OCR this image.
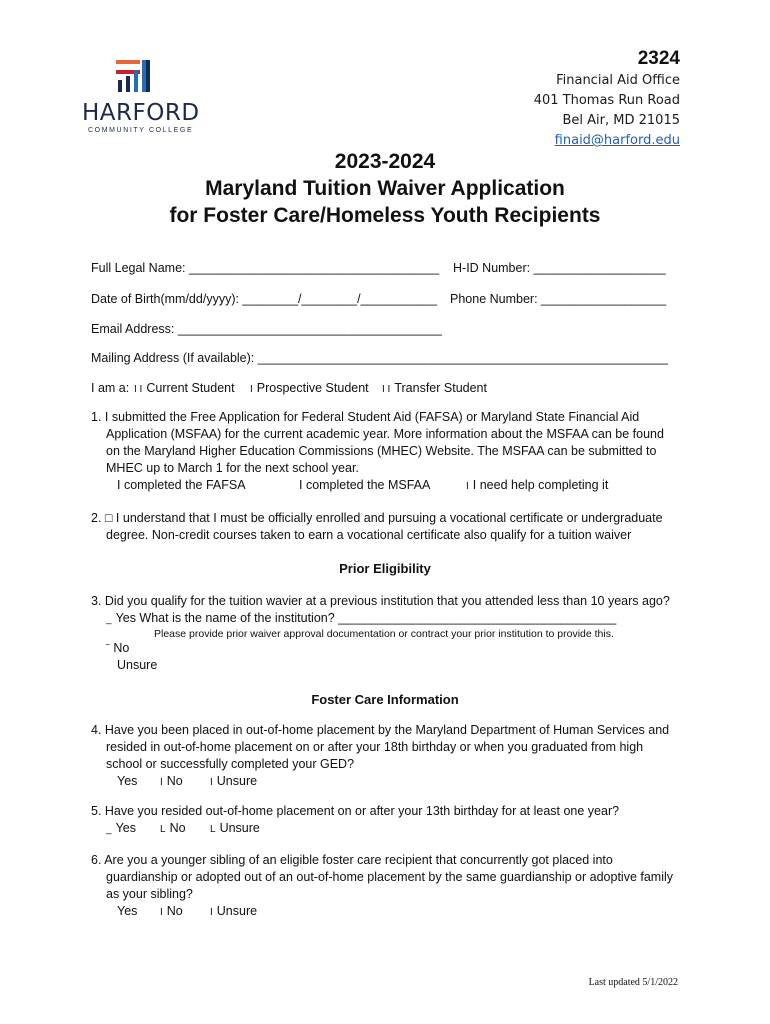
HARFORD
COMMUNITY COLLEGE
2324
Financial Aid Office
401 Thomas Run Road
Bel Air, MD 21015
finaid@harford.edu
2023-2024
Maryland Tuition Waiver Application
for Foster Care/Homeless Youth Recipients
Full Legal Name: ____________________________________ H-ID Number: ___________________
Date of Birth(mm/dd/yyyy): ________/________/___________ Phone Number: __________________
Email Address: ______________________________________
Mailing Address (If available): ___________________________________________________________
I am a: I I Current Student I Prospective Student I I Transfer Student
1. I submitted the Free Application for Federal Student Aid (FAFSA) or Maryland State Financial Aid
Application (MSFAA) for the current academic year. More information about the MSFAA can be found
on the Maryland Higher Education Commissions (MHEC) Website. The MSFAA can be submitted to
MHEC up to March 1 for the next school year.
I completed the FAFSA	I completed the MSFAA	I I need help completing it
2. □ I understand that I must be officially enrolled and pursuing a vocational certificate or undergraduate
degree. Non-credit courses taken to earn a vocational certificate also qualify for a tuition waiver
Prior Eligibility
3. Did you qualify for the tuition wavier at a previous institution that you attended less than 10 years ago?
_ Yes What is the name of the institution? ________________________________________
Please provide prior waiver approval documentation or contract your prior institution to provide this.
‾ No
Unsure
Foster Care Information
4. Have you been placed in out-of-home placement by the Maryland Department of Human Services and
resided in out-of-home placement on or after your 18th birthday or when you graduated from high
school or successfully completed your GED?
Yes I No	I Unsure
5. Have you resided out-of-home placement on or after your 13th birthday for at least one year?
_ Yes L No L Unsure
6. Are you a younger sibling of an eligible foster care recipient that concurrently got placed into
guardianship or adopted out of an out-of-home placement by the same guardianship or adoptive family
as your sibling?
Yes I No	I Unsure
Last updated 5/1/2022
